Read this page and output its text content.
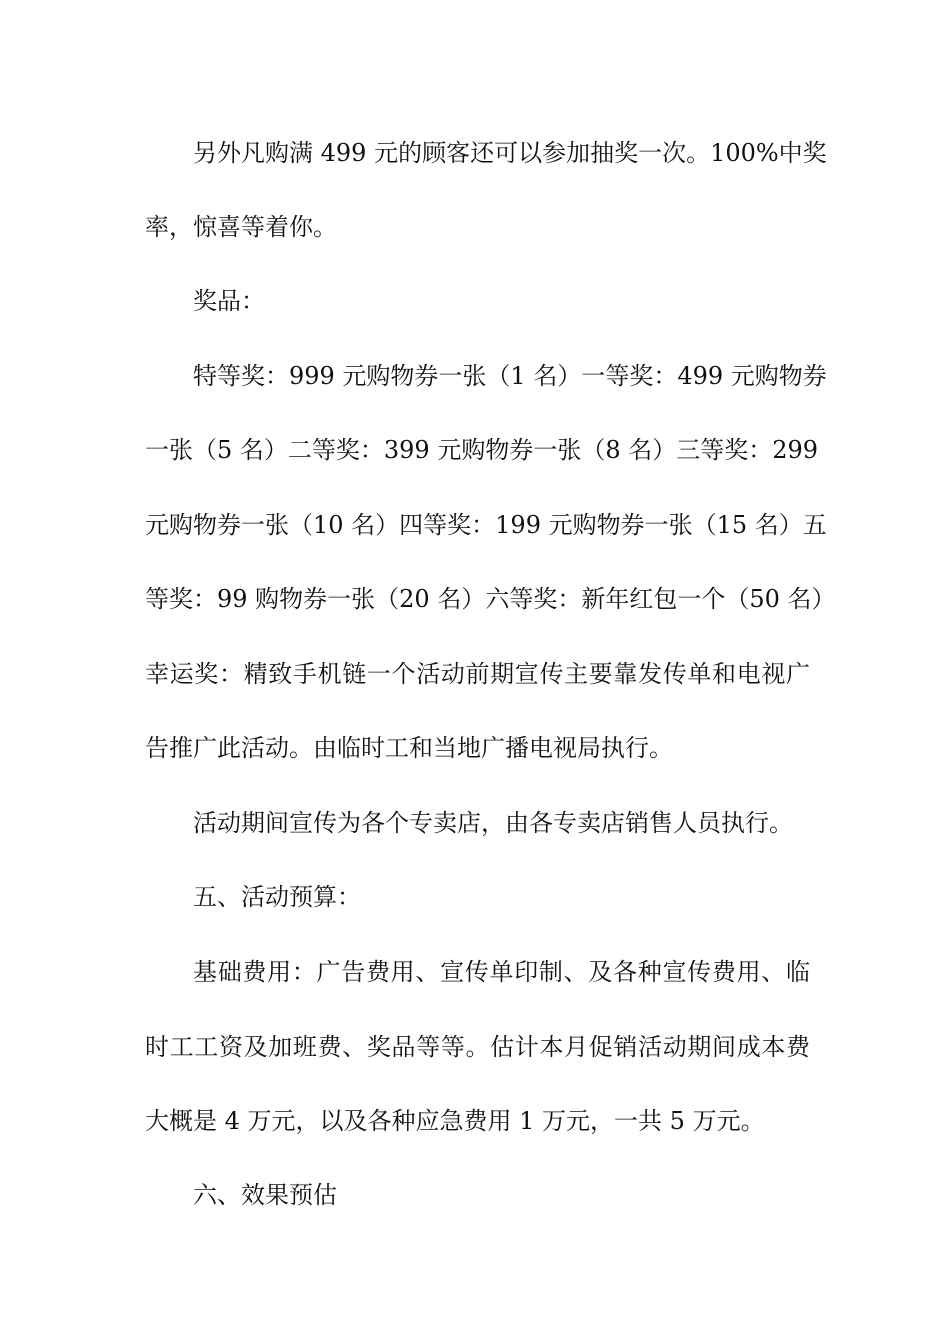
另外凡购满 499 元的顾客还可以参加抽奖一次。100%中奖
率，惊喜等着你。
奖品：
特等奖：999 元购物券一张（1 名）一等奖：499 元购物券
一张（5 名）二等奖：399 元购物券一张（8 名）三等奖：299
元购物券一张（10 名）四等奖：199 元购物券一张（15 名）五
等奖：99 购物券一张（20 名）六等奖：新年红包一个（50 名）
幸运奖：精致手机链一个活动前期宣传主要靠发传单和电视广
告推广此活动。由临时工和当地广播电视局执行。
活动期间宣传为各个专卖店，由各专卖店销售人员执行。
五、活动预算：
基础费用：广告费用、宣传单印制、及各种宣传费用、临
时工工资及加班费、奖品等等。估计本月促销活动期间成本费
大概是 4 万元，以及各种应急费用 1 万元，一共 5 万元。
六、效果预估
